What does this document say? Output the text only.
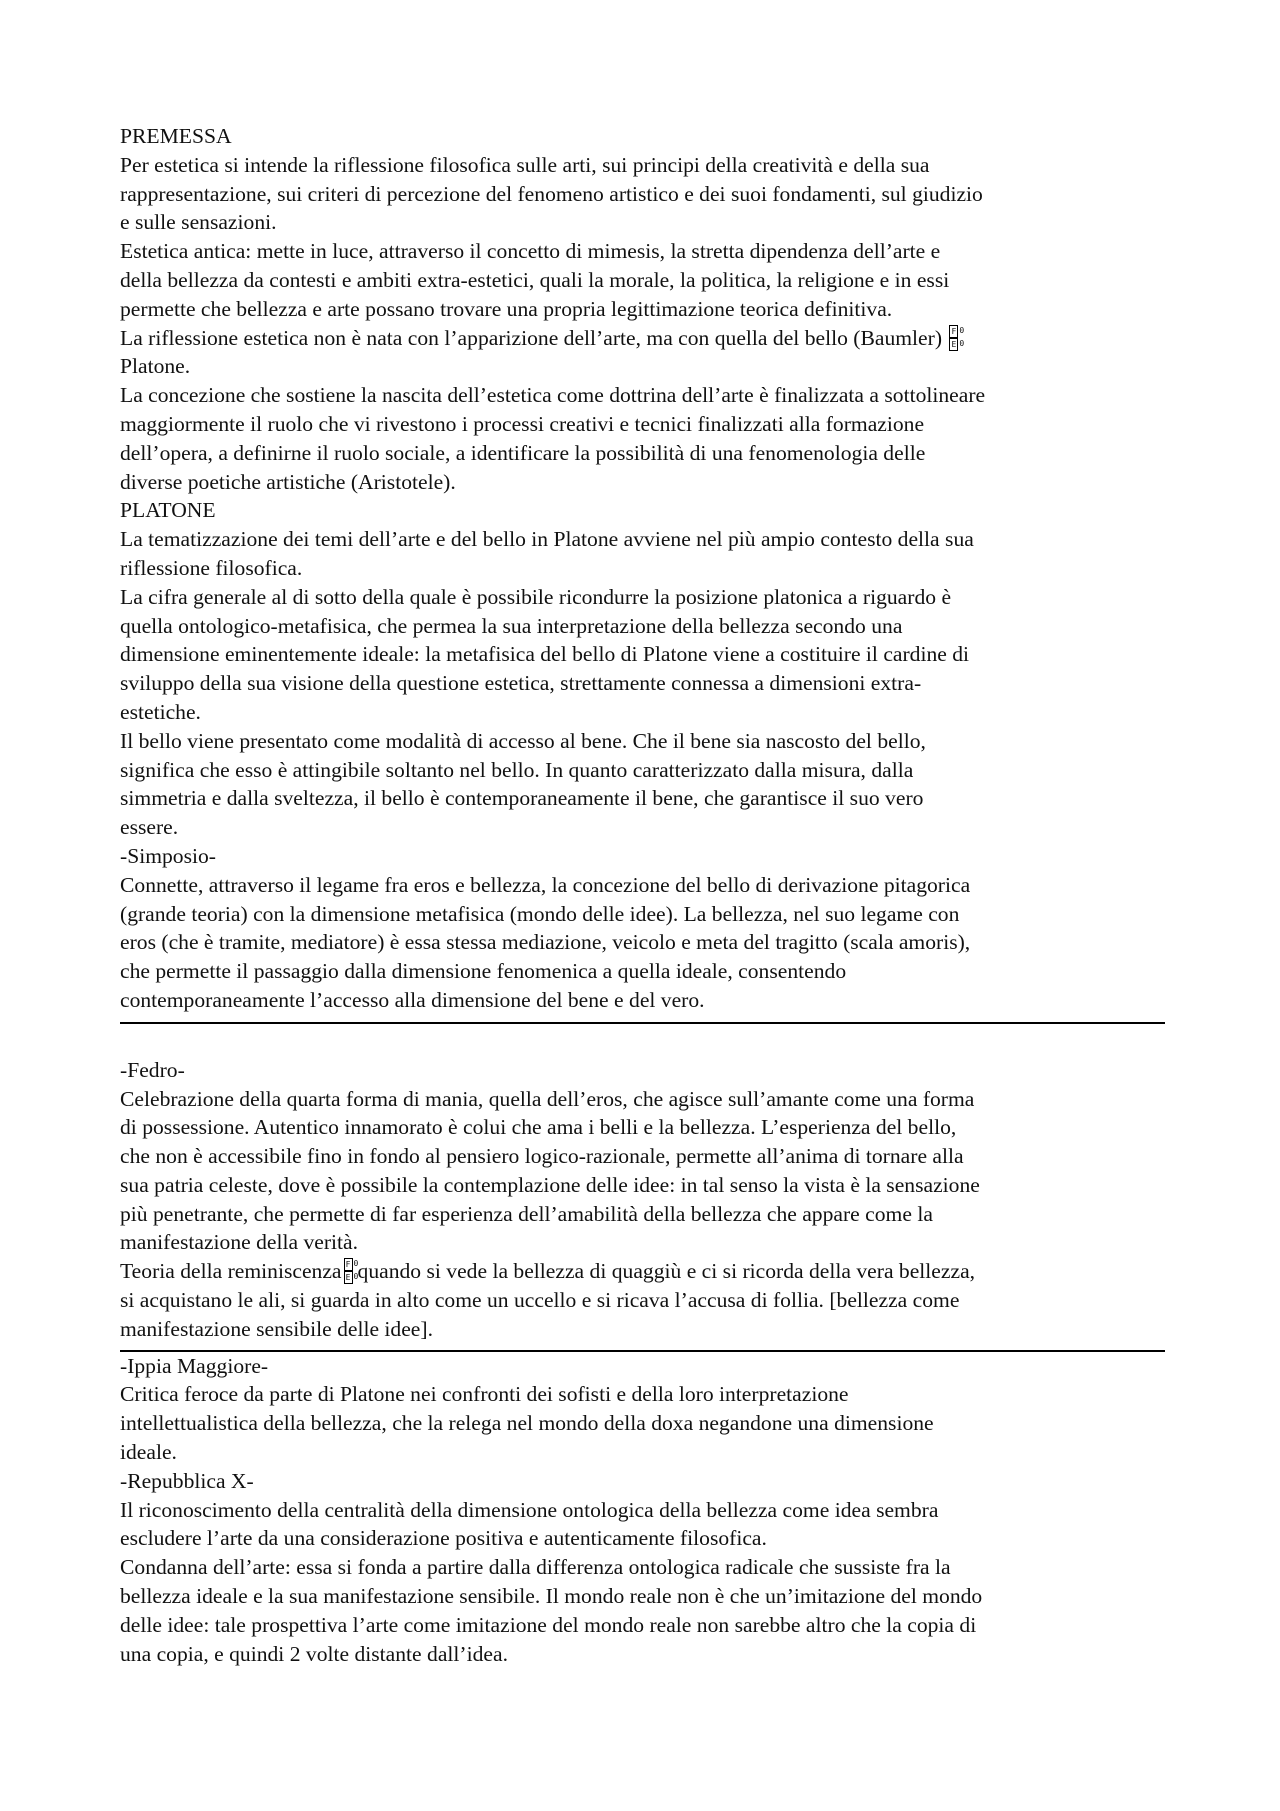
PREMESSA
Per estetica si intende la riflessione filosofica sulle arti, sui principi della creatività e della sua
rappresentazione, sui criteri di percezione del fenomeno artistico e dei suoi fondamenti, sul giudizio
e sulle sensazioni.
Estetica antica: mette in luce, attraverso il concetto di mimesis, la stretta dipendenza dell’arte e
della bellezza da contesti e ambiti extra-estetici, quali la morale, la politica, la religione e in essi
permette che bellezza e arte possano trovare una propria legittimazione teorica definitiva.
La riflessione estetica non è nata con l’apparizione dell’arte, ma con quella del bello (Baumler) F
E
0
0
Platone.
La concezione che sostiene la nascita dell’estetica come dottrina dell’arte è finalizzata a sottolineare
maggiormente il ruolo che vi rivestono i processi creativi e tecnici finalizzati alla formazione
dell’opera, a definirne il ruolo sociale, a identificare la possibilità di una fenomenologia delle
diverse poetiche artistiche (Aristotele).
PLATONE
La tematizzazione dei temi dell’arte e del bello in Platone avviene nel più ampio contesto della sua
riflessione filosofica.
La cifra generale al di sotto della quale è possibile ricondurre la posizione platonica a riguardo è
quella ontologico-metafisica, che permea la sua interpretazione della bellezza secondo una
dimensione eminentemente ideale: la metafisica del bello di Platone viene a costituire il cardine di
sviluppo della sua visione della questione estetica, strettamente connessa a dimensioni extra-
estetiche.
Il bello viene presentato come modalità di accesso al bene. Che il bene sia nascosto del bello,
significa che esso è attingibile soltanto nel bello. In quanto caratterizzato dalla misura, dalla
simmetria e dalla sveltezza, il bello è contemporaneamente il bene, che garantisce il suo vero
essere.
-Simposio-
Connette, attraverso il legame fra eros e bellezza, la concezione del bello di derivazione pitagorica
(grande teoria) con la dimensione metafisica (mondo delle idee). La bellezza, nel suo legame con
eros (che è tramite, mediatore) è essa stessa mediazione, veicolo e meta del tragitto (scala amoris),
che permette il passaggio dalla dimensione fenomenica a quella ideale, consentendo
contemporaneamente l’accesso alla dimensione del bene e del vero.
-Fedro-
Celebrazione della quarta forma di mania, quella dell’eros, che agisce sull’amante come una forma
di possessione. Autentico innamorato è colui che ama i belli e la bellezza. L’esperienza del bello,
che non è accessibile fino in fondo al pensiero logico-razionale, permette all’anima di tornare alla
sua patria celeste, dove è possibile la contemplazione delle idee: in tal senso la vista è la sensazione
più penetrante, che permette di far esperienza dell’amabilità della bellezza che appare come la
manifestazione della verità.
Teoria della reminiscenza F
E
0
0 quando si vede la bellezza di quaggiù e ci si ricorda della vera bellezza,
si acquistano le ali, si guarda in alto come un uccello e si ricava l’accusa di follia. [bellezza come
manifestazione sensibile delle idee].
-Ippia Maggiore-
Critica feroce da parte di Platone nei confronti dei sofisti e della loro interpretazione
intellettualistica della bellezza, che la relega nel mondo della doxa negandone una dimensione
ideale.
-Repubblica X-
Il riconoscimento della centralità della dimensione ontologica della bellezza come idea sembra
escludere l’arte da una considerazione positiva e autenticamente filosofica.
Condanna dell’arte: essa si fonda a partire dalla differenza ontologica radicale che sussiste fra la
bellezza ideale e la sua manifestazione sensibile. Il mondo reale non è che un’imitazione del mondo
delle idee: tale prospettiva l’arte come imitazione del mondo reale non sarebbe altro che la copia di
una copia, e quindi 2 volte distante dall’idea.
